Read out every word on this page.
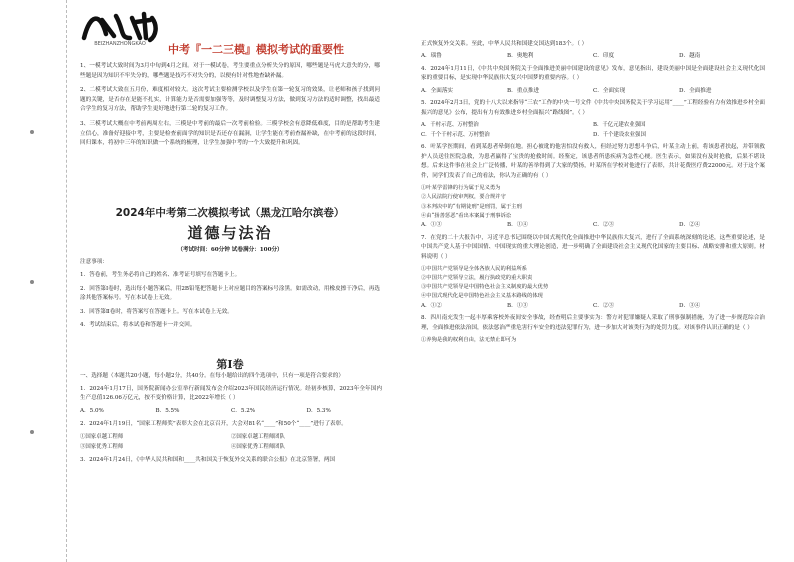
BEIZHANZHONGKAO 中考『一二三模』模拟考试的重要性

1、一模考试大致时间为3月中旬到4月之间。对于一模试卷，考生要重点分析失分的原因，哪些题是马虎大意失的分，哪些题是因为知识不牢失分的，哪些题是技巧不对失分的，以便有针对性地查缺补漏。

2、二模考试大致在五月份，难度相对较大。这次考试主要检测学校以及学生在第一轮复习的效果，让老师和孩子找到问题的关键，是否存在是能不扎实，计算能力是否需要加强等等，及时调整复习方法，做到复习方法的适时调整，找出最适合学生的复习方法，帮助学生更好地进行第二轮的复习工作。

3、三模考试大概在中考前两周左右，三模是中考前的最后一次考前检验。三模学校会有意降低难度，目的是帮助考生建立信心，准备好迎接中考，主要是检查前面学的知识是否还存在漏洞，让学生能在考前查漏补缺，在中考前的这段时间，回归课本，将初中三年的知识做一个系统的梳理，让学生加强中考的一个大致提升和巩固。

2024年中考第二次模拟考试（黑龙江哈尔滨卷）
道德与法治
（考试时间：60分钟 试卷满分：100分）

注意事项：

1．答卷前，考生务必将自己的姓名、准考证号填写在答题卡上。

2．回答第Ⅰ卷时，选出每小题答案后，用2B铅笔把答题卡上对应题目的答案标号涂黑。如需改动，用橡皮擦干净后，再选涂其他答案标号。写在本试卷上无效。

3．回答第Ⅱ卷时，将答案写在答题卡上。写在本试卷上无效。

4．考试结束后，将本试卷和答题卡一并交回。

第Ⅰ卷

一、选择题（本题共20小题，每小题2分，共40分。在每小题给出的四个选项中，只有一项是符合要求的）

1．2024年1月17日，国务院新闻办公室举行新闻发布会介绍2023年国民经济运行情况。经初步核算，2023年全年国内生产总值126.06万亿元，按不变价格计算，比2022年增长（ ）

A．5.0%	B．5.5%	C．5.2%	D．5.3%

2．2024年1月19日，“国家工程师奖”表彰大会在北京召开，大会对81名“____”和50个“____”进行了表彰。

①国家卓越工程师	②国家卓越工程师团队
③国家优秀工程师	④国家优秀工程师团队

3．2024年1月24日，《中华人民共和国和____共和国关于恢复外交关系的联合公报》在北京签署，两国

正式恢复外交关系。至此，中华人民共和国建交国达到183个。（ ）

A．瑙鲁	B．奥地利	C．印度	D．越南

4．2024年1月11日，《中共中央国务院关于全面推进美丽中国建设的意见》发布，意见指出，建设美丽中国是全面建设社会主义现代化国家的重要目标，是实现中华民族伟大复兴中国梦的重要内容。（ ）

A．全面落实	B．重点推进	C．全面实现	D．全面推进

5．2024年2月3日，党的十八大以来指导“三农”工作的中央一号文件《中共中央国务院关于学习运用“____”工程经验有力有效推进乡村全面振兴的意见》公布，提出有力有效推进乡村全面振兴“路线图”。（ ）

A．千村示范、万村整治	B．千亿元建农业强国
C．千个千村示范、万村整治	D．千个建设农业强国

6．叶某学医期间，看到某患者晕倒在地。担心被讹的他害怕没有救人，但经过努力思想斗争后，叶某主动上前，将该患者扶起，并带领救护人员送往医院急救，为患者赢得了宝贵的抢救时间。经鉴定，该患者所患疾病为急性心梗。医生表示，如果没有及时抢救，后果不堪设想。后来这件事在社会上广泛传播，叶某的善举得到了大家的赞扬，叶某所在学校对他进行了表彰，共计花费医疗费22000元。对于这个案件，同学们发表了自己的看法，你认为正确的有（ ）

①叶某学雷锋的行为属于见义勇为

②人民法院行使审判权，要合规并守

③本判决中的“有期徒刑”是刑罚，属于主刑

④由“扬善惩恶”看出本案属于刑事诉讼

A．①③	B．①④	C．②③	D．②④

7．在党的二十大报告中，习近平总书记围绕以中国式现代化全面推进中华民族伟大复兴，进行了全面系统深刻的论述，这些重要论述，是中国共产党人基于中国国情、中国现实的重大理论创造，进一步明确了全面建设社会主义现代化国家的主要目标、战略安排和重大原则。材料说明（ ）

①中国共产党领导是全体各族人民的利益所系

②中国共产党领导立法，履行执政党的重大职责

③中国共产党领导是中国特色社会主义制度的最大优势

④中国式现代化是中国特色社会主义基本路线的体现

A．①②	B．①③	C．②③	D．③④

8．四川南充发生一起丰厚乘客校外夜间安全事故，经查明后主要事实为：警方对犯罪嫌疑人采取了刑事强制措施，为了进一步规范综合治理，全面推进依法治国，依法惩治严重危害行车安全的违法犯罪行为，进一步加大对该类行为的处罚力度。对该事件认识正确的是（ ）

①养狗是我的权利自由，法无禁止即可为
